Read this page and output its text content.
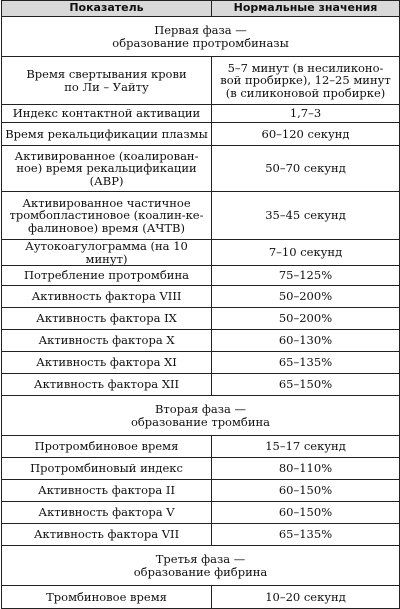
Показатель	Нормальные значения
Первая фаза —
образование протромбиназы	
Время свертывания крови
по Ли – Уайту	5–7 минут (в несиликоно-
вой пробирке), 12–25 минут
(в силиконовой пробирке)
Индекс контактной активации	1,7–3
Время рекальцификации плазмы	60–120 секунд
Активированное (коалирован-
ное) время рекальцификации
(АВР)	50–70 секунд
Активированное частичное
тромбопластиновое (коалин-ке-
фалиновое) время (АЧТВ)	35–45 секунд
Аутокоагулограмма (на 10 минут)	7–10 секунд
Потребление протромбина	75–125%
Активность фактора VIII	50–200%
Активность фактора IX	50–200%
Активность фактора X	60–130%
Активность фактора XI	65–135%
Активность фактора XII	65–150%
Вторая фаза —
образование тромбина	
Протромбиновое время	15–17 секунд
Протромбиновый индекс	80–110%
Активность фактора II	60–150%
Активность фактора V	60–150%
Активность фактора VII	65–135%
Третья фаза —
образование фибрина	
Тромбиновое время	10–20 секунд
